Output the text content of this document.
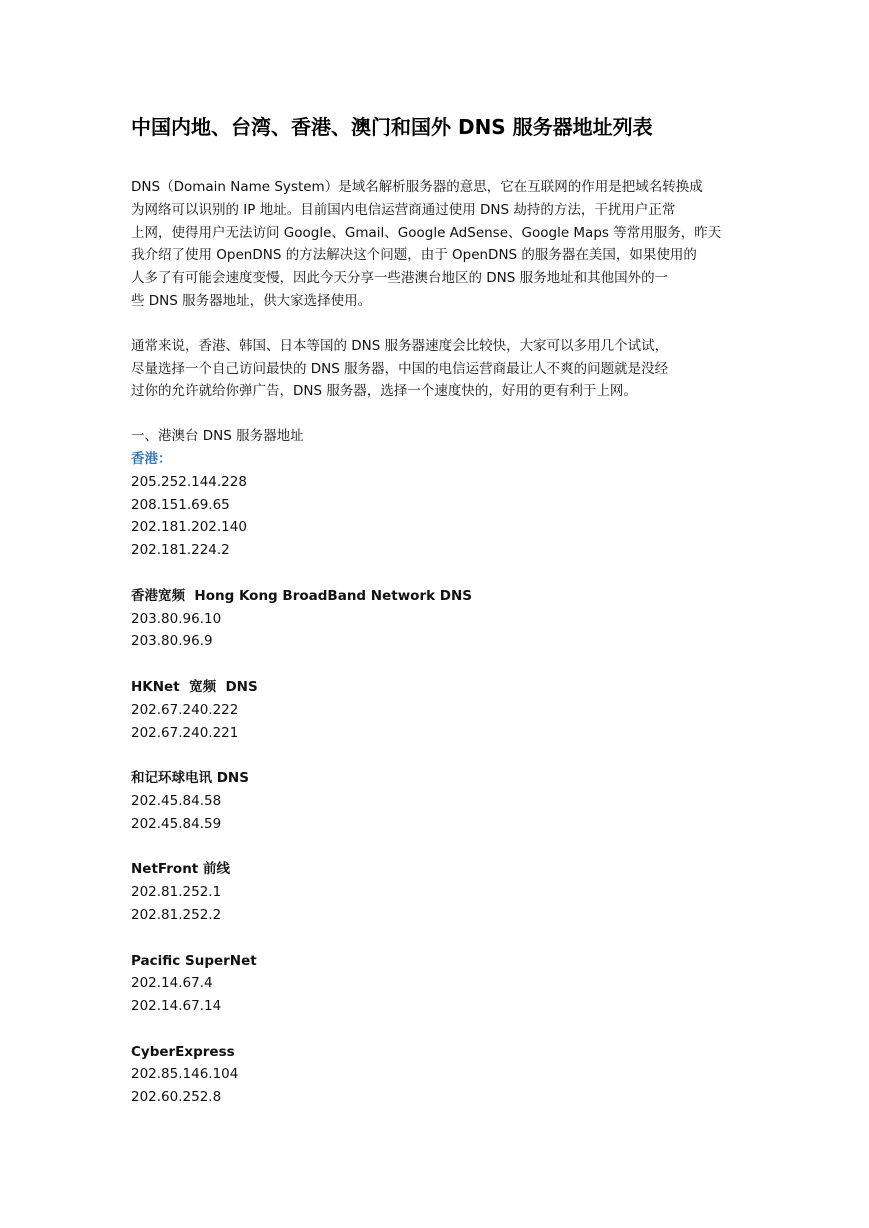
中国内地、台湾、香港、澳门和国外 DNS 服务器地址列表

DNS（Domain Name System）是域名解析服务器的意思，它在互联网的作用是把域名转换成

为网络可以识别的 IP 地址。目前国内电信运营商通过使用 DNS 劫持的方法，干扰用户正常

上网，使得用户无法访问 Google、Gmail、Google AdSense、Google Maps 等常用服务，昨天

我介绍了使用 OpenDNS 的方法解决这个问题，由于 OpenDNS 的服务器在美国，如果使用的

人多了有可能会速度变慢，因此今天分享一些港澳台地区的 DNS 服务地址和其他国外的一

些 DNS 服务器地址，供大家选择使用。

通常来说，香港、韩国、日本等国的 DNS 服务器速度会比较快，大家可以多用几个试试，

尽量选择一个自己访问最快的 DNS 服务器，中国的电信运营商最让人不爽的问题就是没经

过你的允许就给你弹广告，DNS 服务器，选择一个速度快的，好用的更有利于上网。

一、港澳台 DNS 服务器地址

香港：

205.252.144.228
208.151.69.65
202.181.202.140
202.181.224.2

香港宽频  Hong Kong BroadBand Network DNS

203.80.96.10
203.80.96.9

HKNet  宽频  DNS

202.67.240.222
202.67.240.221

和记环球电讯 DNS

202.45.84.58
202.45.84.59

NetFront 前线

202.81.252.1
202.81.252.2

Pacific SuperNet

202.14.67.4
202.14.67.14

CyberExpress

202.85.146.104
202.60.252.8
